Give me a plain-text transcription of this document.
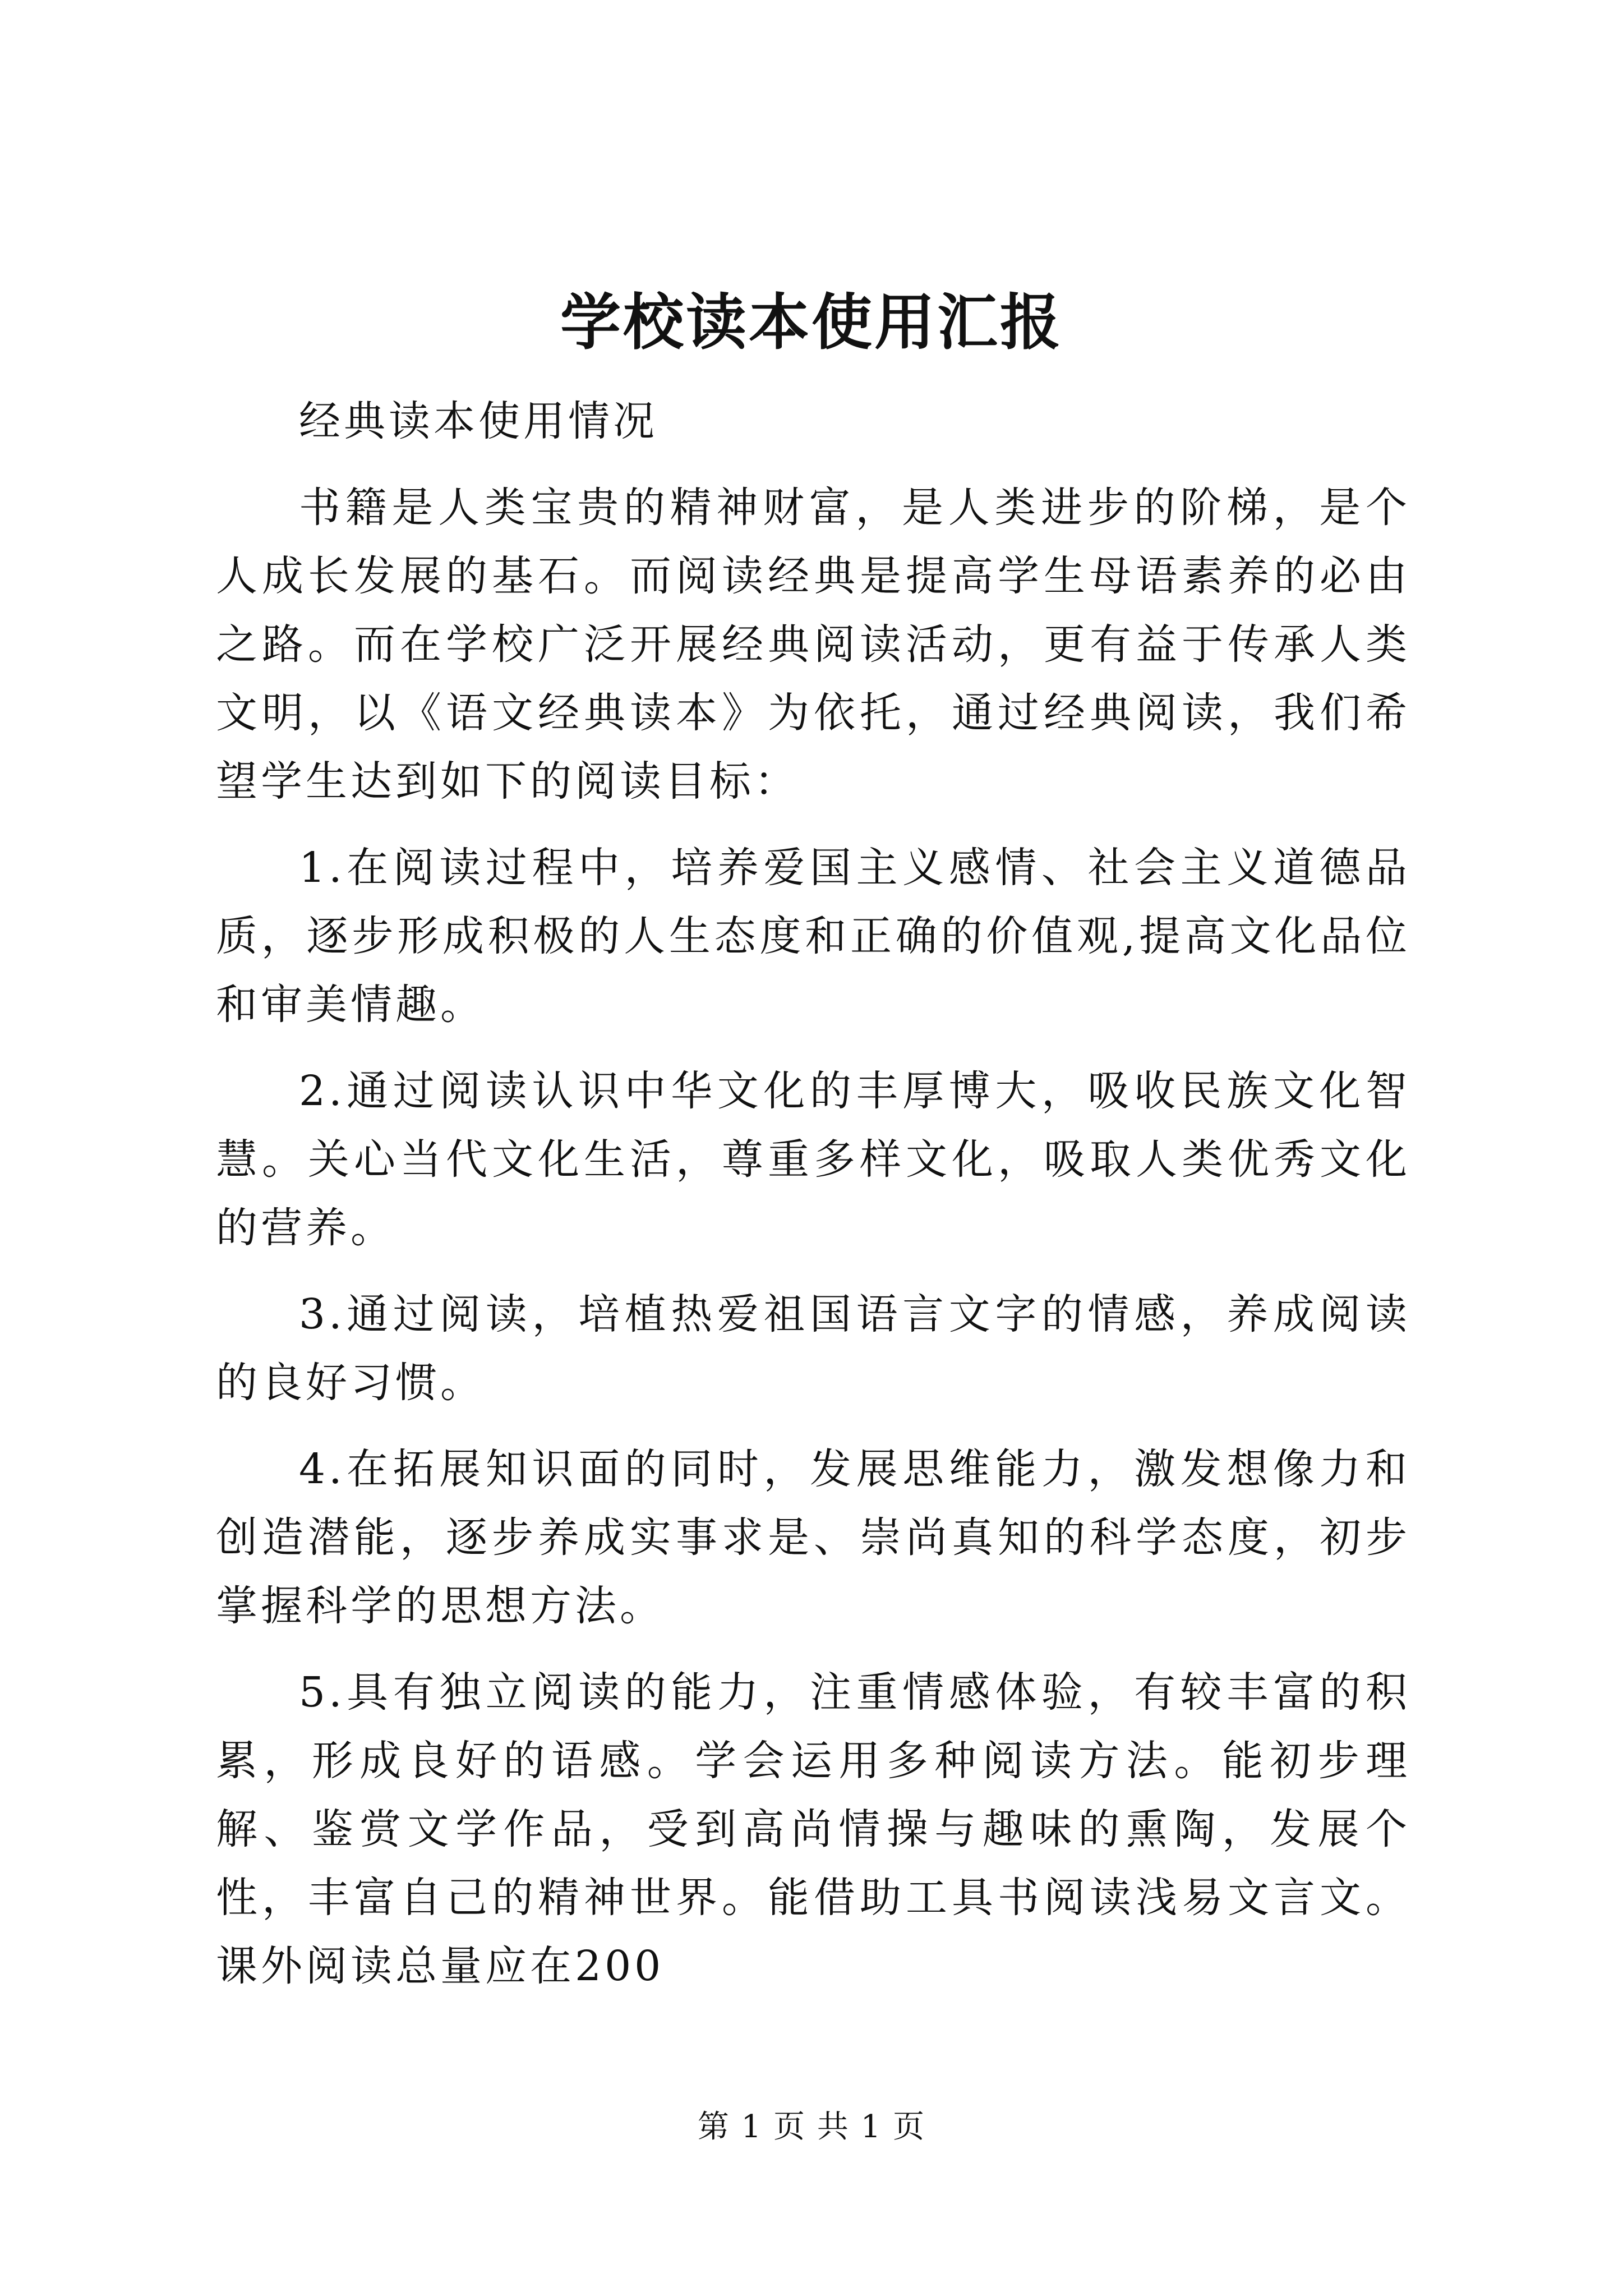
学校读本使用汇报

经典读本使用情况

书籍是人类宝贵的精神财富，是人类进步的阶梯，是个人成长发展的基石。而阅读经典是提高学生母语素养的必由之路。而在学校广泛开展经典阅读活动，更有益于传承人类文明，以《语文经典读本》为依托，通过经典阅读，我们希望学生达到如下的阅读目标：

1.在阅读过程中，培养爱国主义感情、社会主义道德品质，逐步形成积极的人生态度和正确的价值观,提高文化品位和审美情趣。

2.通过阅读认识中华文化的丰厚博大，吸收民族文化智慧。关心当代文化生活，尊重多样文化，吸取人类优秀文化的营养。

3.通过阅读，培植热爱祖国语言文字的情感，养成阅读的良好习惯。

4.在拓展知识面的同时，发展思维能力，激发想像力和创造潜能，逐步养成实事求是、崇尚真知的科学态度，初步掌握科学的思想方法。

5.具有独立阅读的能力，注重情感体验，有较丰富的积累，形成良好的语感。学会运用多种阅读方法。能初步理解、鉴赏文学作品，受到高尚情操与趣味的熏陶，发展个性，丰富自己的精神世界。能借助工具书阅读浅易文言文。课外阅读总量应在200

第 1 页 共 1 页
